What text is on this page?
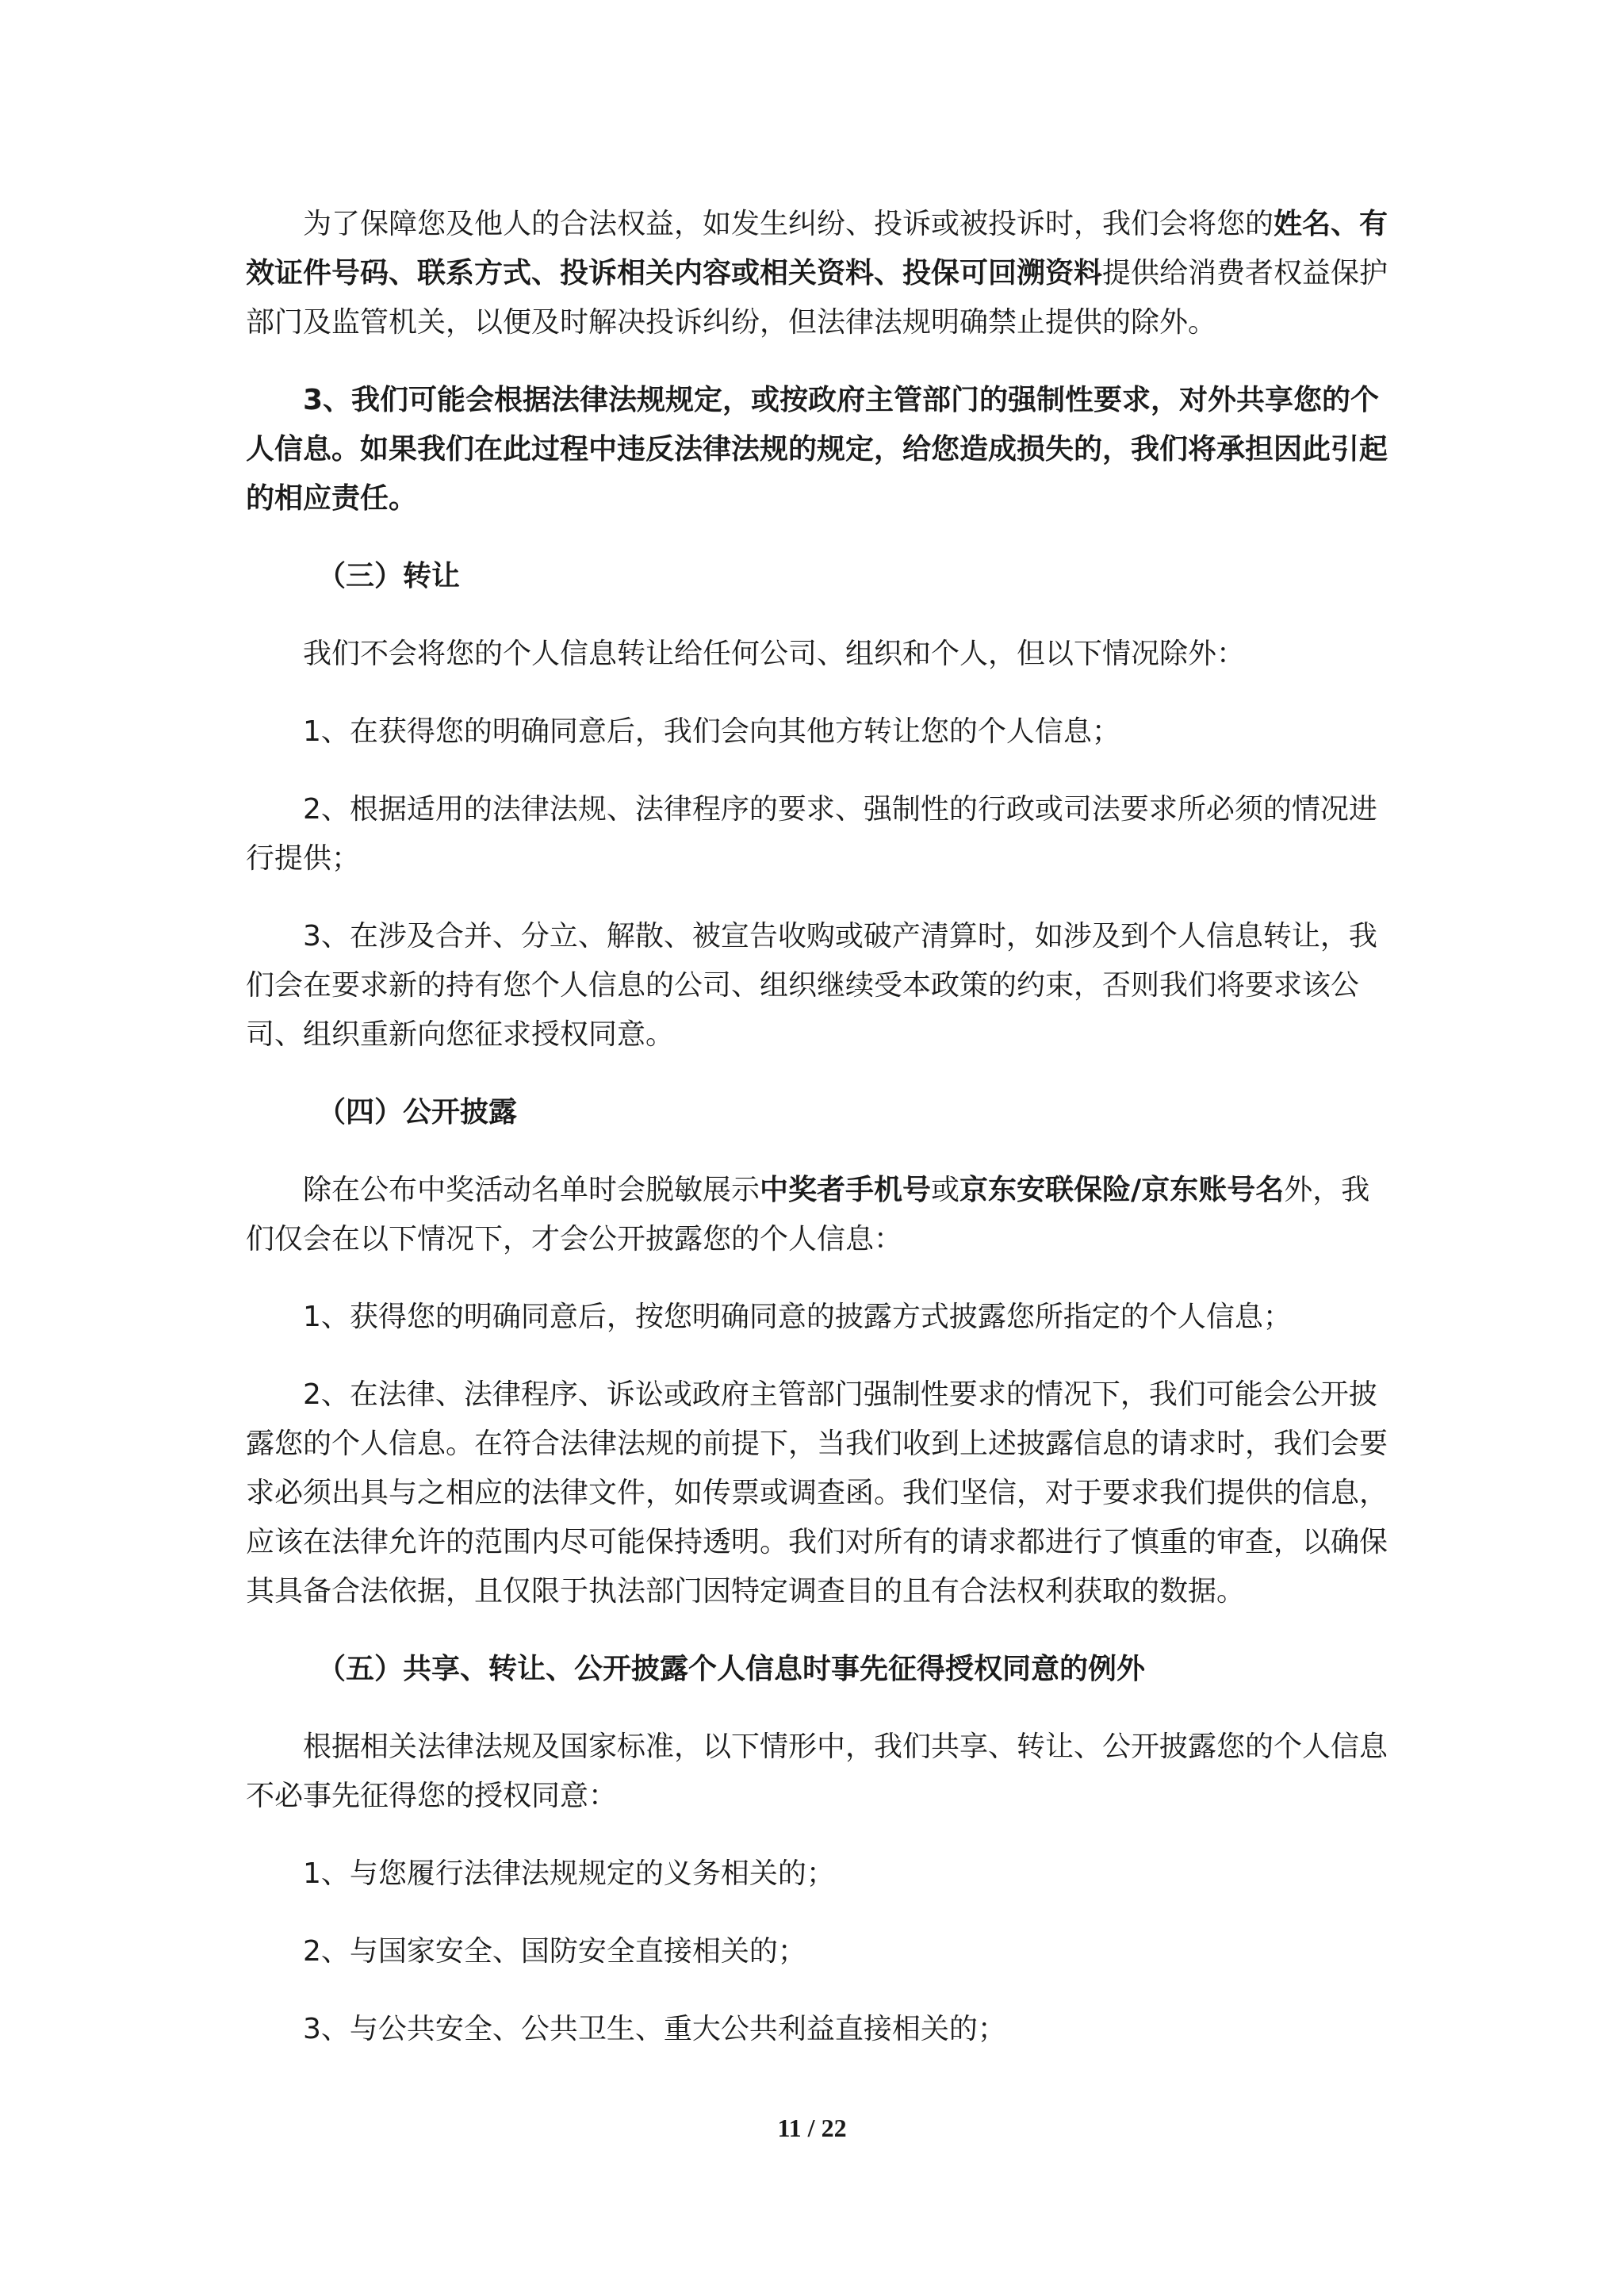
为了保障您及他人的合法权益，如发生纠纷、投诉或被投诉时，我们会将您的姓名、有效证件号码、联系方式、投诉相关内容或相关资料、投保可回溯资料提供给消费者权益保护部门及监管机关，以便及时解决投诉纠纷，但法律法规明确禁止提供的除外。

3、我们可能会根据法律法规规定，或按政府主管部门的强制性要求，对外共享您的个人信息。如果我们在此过程中违反法律法规的规定，给您造成损失的，我们将承担因此引起的相应责任。

（三）转让

我们不会将您的个人信息转让给任何公司、组织和个人，但以下情况除外：

1、在获得您的明确同意后，我们会向其他方转让您的个人信息；

2、根据适用的法律法规、法律程序的要求、强制性的行政或司法要求所必须的情况进行提供；

3、在涉及合并、分立、解散、被宣告收购或破产清算时，如涉及到个人信息转让，我们会在要求新的持有您个人信息的公司、组织继续受本政策的约束，否则我们将要求该公司、组织重新向您征求授权同意。

（四）公开披露

除在公布中奖活动名单时会脱敏展示中奖者手机号或京东安联保险/京东账号名外，我们仅会在以下情况下，才会公开披露您的个人信息：

1、获得您的明确同意后，按您明确同意的披露方式披露您所指定的个人信息；

2、在法律、法律程序、诉讼或政府主管部门强制性要求的情况下，我们可能会公开披露您的个人信息。在符合法律法规的前提下，当我们收到上述披露信息的请求时，我们会要求必须出具与之相应的法律文件，如传票或调查函。我们坚信，对于要求我们提供的信息，应该在法律允许的范围内尽可能保持透明。我们对所有的请求都进行了慎重的审查，以确保其具备合法依据，且仅限于执法部门因特定调查目的且有合法权利获取的数据。

（五）共享、转让、公开披露个人信息时事先征得授权同意的例外

根据相关法律法规及国家标准，以下情形中，我们共享、转让、公开披露您的个人信息不必事先征得您的授权同意：

1、与您履行法律法规规定的义务相关的；

2、与国家安全、国防安全直接相关的；

3、与公共安全、公共卫生、重大公共利益直接相关的；

11 / 22
